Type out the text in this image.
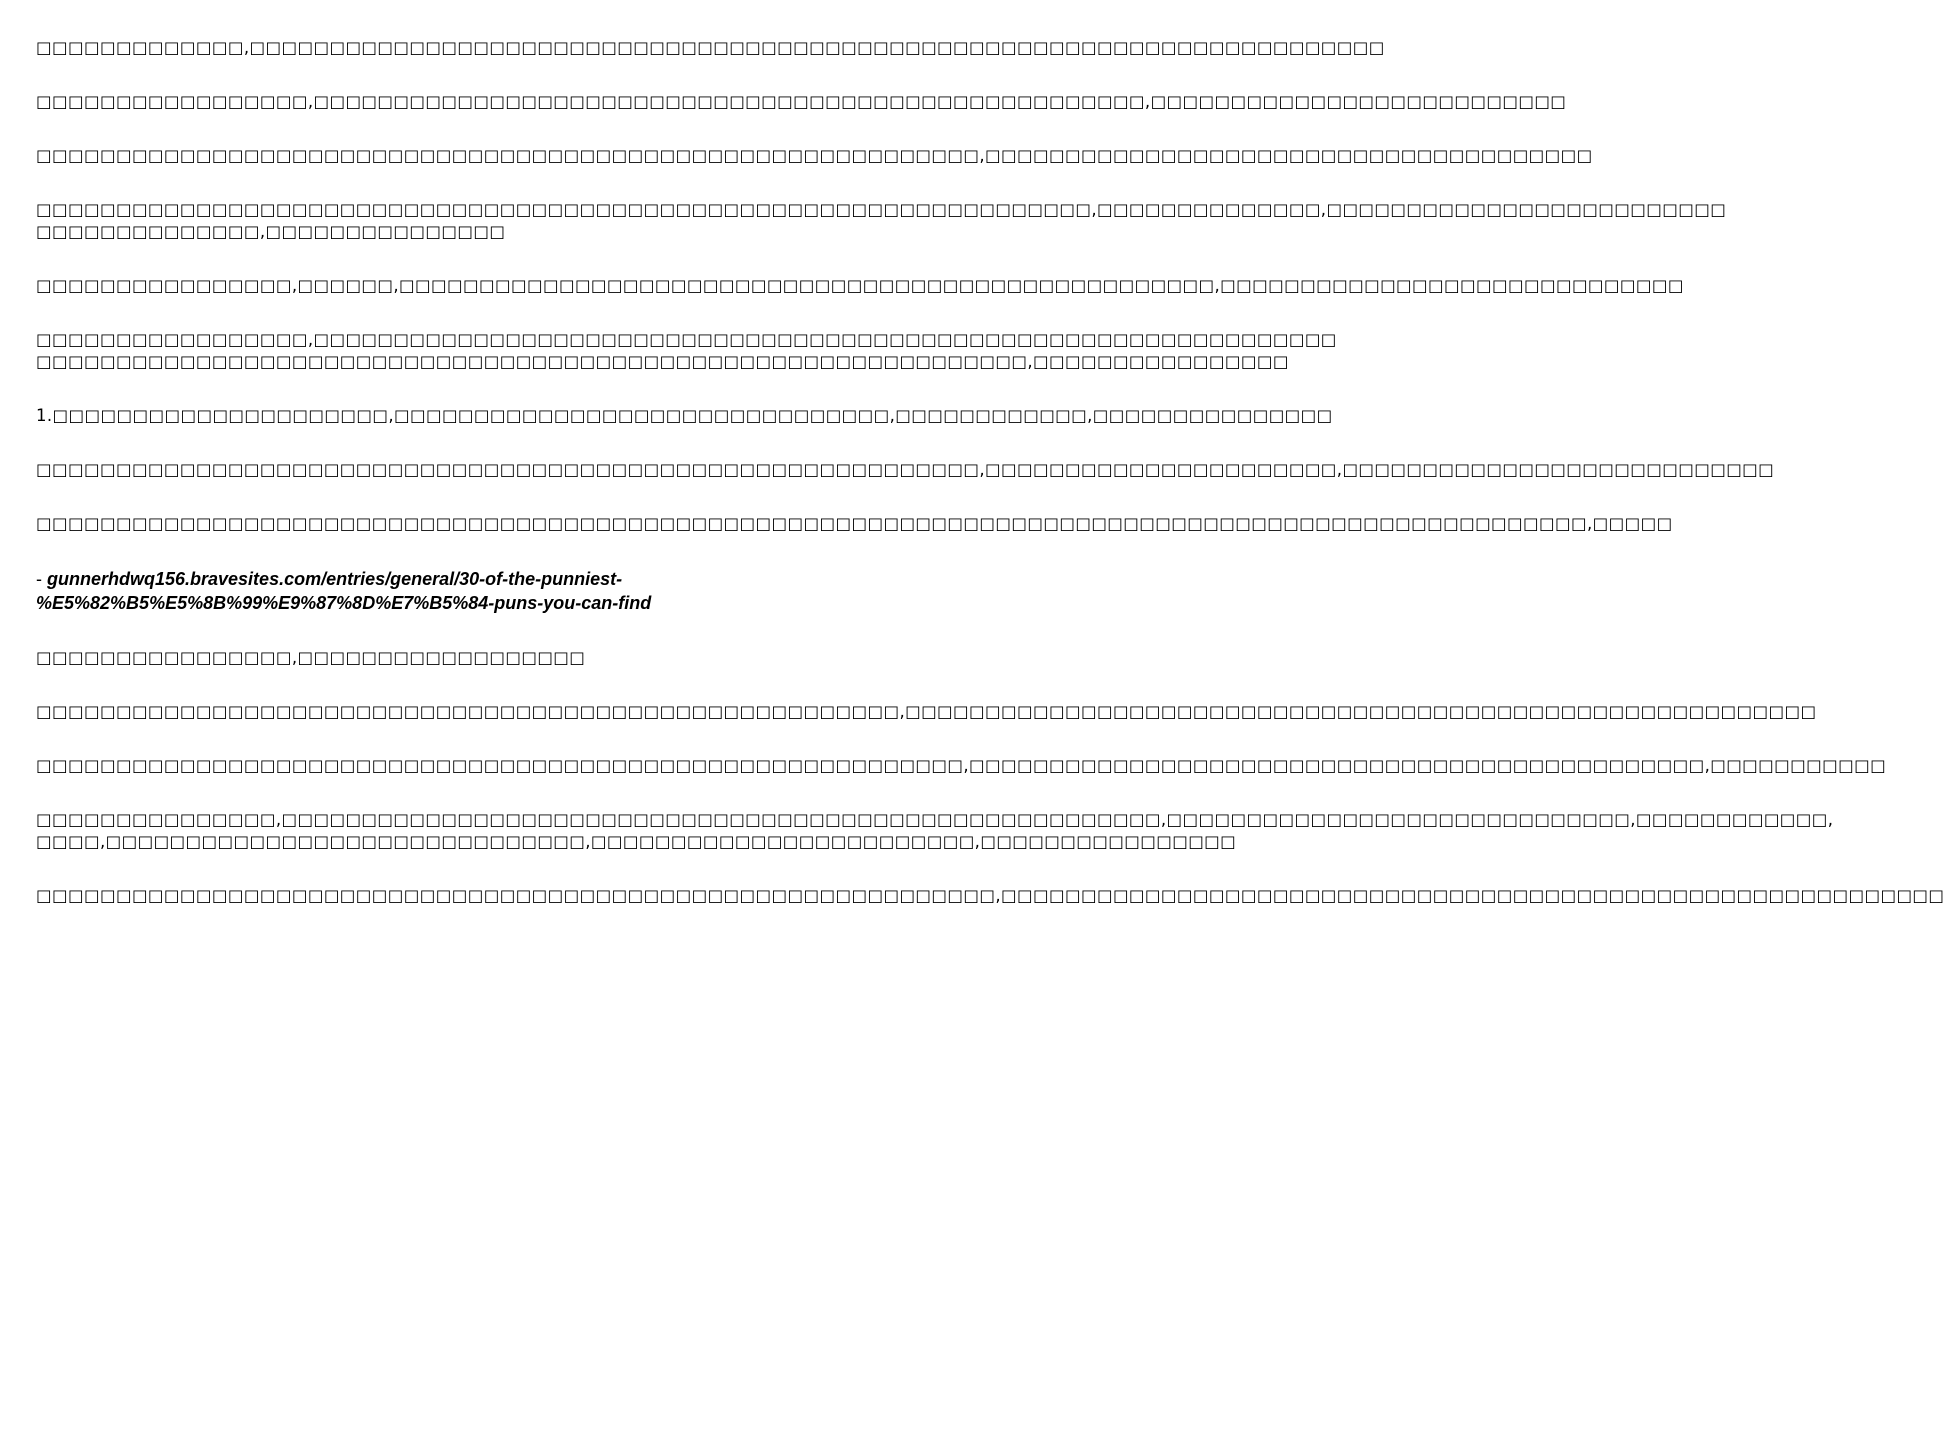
□□□□□□□□□□□□□,□□□□□□□□□□□□□□□□□□□□□□□□□□□□□□□□□□□□□□□□□□□□□□□□□□□□□□□□□□□□□□□□□□□□□□□

□□□□□□□□□□□□□□□□□,□□□□□□□□□□□□□□□□□□□□□□□□□□□□□□□□□□□□□□□□□□□□□□□□□□□□,□□□□□□□□□□□□□□□□□□□□□□□□□□

□□□□□□□□□□□□□□□□□□□□□□□□□□□□□□□□□□□□□□□□□□□□□□□□□□□□□□□□□□□,□□□□□□□□□□□□□□□□□□□□□□□□□□□□□□□□□□□□□□

□□□□□□□□□□□□□□□□□□□□□□□□□□□□□□□□□□□□□□□□□□□□□□□□□□□□□□□□□□□□□□□□□□,□□□□□□□□□□□□□□,□□□□□□□□□□□□□□□□□□□□□□□□□
□□□□□□□□□□□□□□,□□□□□□□□□□□□□□□

□□□□□□□□□□□□□□□□,□□□□□□,□□□□□□□□□□□□□□□□□□□□□□□□□□□□□□□□□□□□□□□□□□□□□□□□□□□,□□□□□□□□□□□□□□□□□□□□□□□□□□□□□

□□□□□□□□□□□□□□□□□,□□□□□□□□□□□□□□□□□□□□□□□□□□□□□□□□□□□□□□□□□□□□□□□□□□□□□□□□□□□□□□□□
□□□□□□□□□□□□□□□□□□□□□□□□□□□□□□□□□□□□□□□□□□□□□□□□□□□□□□□□□□□□□□,□□□□□□□□□□□□□□□□

1.□□□□□□□□□□□□□□□□□□□□□,□□□□□□□□□□□□□□□□□□□□□□□□□□□□□□□,□□□□□□□□□□□□,□□□□□□□□□□□□□□□

□□□□□□□□□□□□□□□□□□□□□□□□□□□□□□□□□□□□□□□□□□□□□□□□□□□□□□□□□□□,□□□□□□□□□□□□□□□□□□□□□□,□□□□□□□□□□□□□□□□□□□□□□□□□□□

□□□□□□□□□□□□□□□□□□□□□□□□□□□□□□□□□□□□□□□□□□□□□□□□□□□□□□□□□□□□□□□□□□□□□□□□□□□□□□□□□□□□□□□□□□□□□□□□□,□□□□□

- gunnerhdwq156.bravesites.com/entries/general/30-of-the-punniest-
%E5%82%B5%E5%8B%99%E9%87%8D%E7%B5%84-puns-you-can-find

□□□□□□□□□□□□□□□□,□□□□□□□□□□□□□□□□□□

□□□□□□□□□□□□□□□□□□□□□□□□□□□□□□□□□□□□□□□□□□□□□□□□□□□□□□,□□□□□□□□□□□□□□□□□□□□□□□□□□□□□□□□□□□□□□□□□□□□□□□□□□□□□□□□□

□□□□□□□□□□□□□□□□□□□□□□□□□□□□□□□□□□□□□□□□□□□□□□□□□□□□□□□□□□,□□□□□□□□□□□□□□□□□□□□□□□□□□□□□□□□□□□□□□□□□□□□□□,□□□□□□□□□□□

□□□□□□□□□□□□□□□,□□□□□□□□□□□□□□□□□□□□□□□□□□□□□□□□□□□□□□□□□□□□□□□□□□□□□□□,□□□□□□□□□□□□□□□□□□□□□□□□□□□□□,□□□□□□□□□□□□,
□□□□,□□□□□□□□□□□□□□□□□□□□□□□□□□□□□□,□□□□□□□□□□□□□□□□□□□□□□□□,□□□□□□□□□□□□□□□□

□□□□□□□□□□□□□□□□□□□□□□□□□□□□□□□□□□□□□□□□□□□□□□□□□□□□□□□□□□□□,□□□□□□□□□□□□□□□□□□□□□□□□□□□□□□□□□□□□□□□□□□□□□□□□□□□□□□□□□□□
